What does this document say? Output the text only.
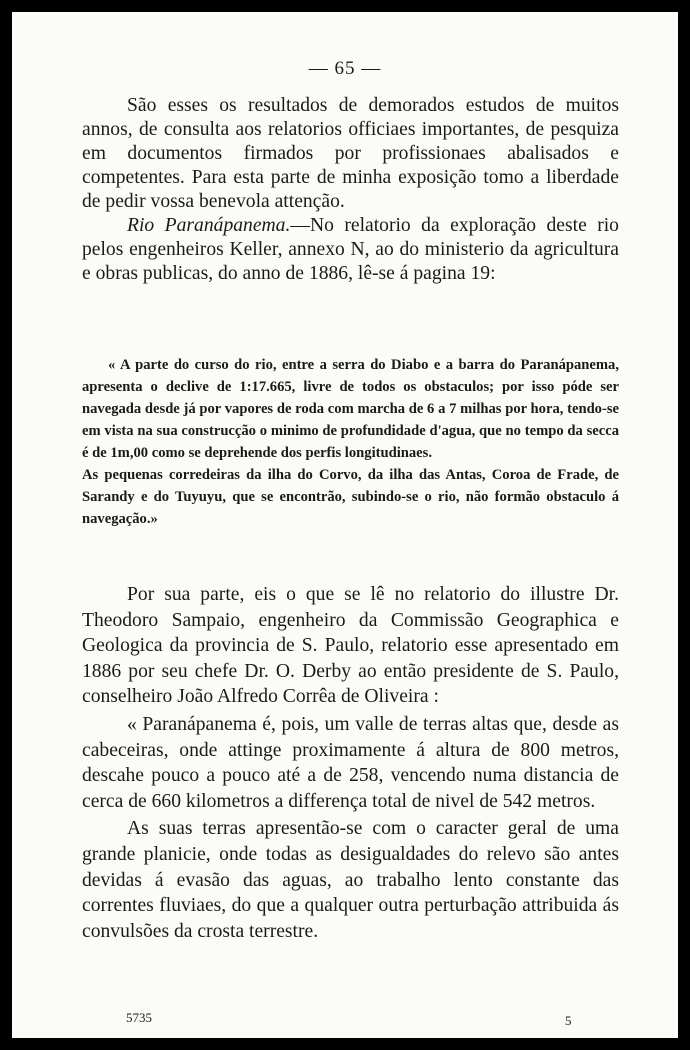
— 65 —

São esses os resultados de demorados estudos de muitos annos, de consulta aos relatorios officiaes importantes, de pesquiza em documentos firmados por profissionaes abalisados e competentes. Para esta parte de minha exposição tomo a liberdade de pedir vossa benevola attenção.

Rio Paranápanema.—No relatorio da exploração deste rio pelos engenheiros Keller, annexo N, ao do ministerio da agricultura e obras publicas, do anno de 1886, lê-se á pagina 19:

« A parte do curso do rio, entre a serra do Diabo e a barra do Paranápanema, apresenta o declive de 1:17.665, livre de todos os obstaculos; por isso póde ser navegada desde já por vapores de roda com marcha de 6 a 7 milhas por hora, tendo-se em vista na sua construcção o minimo de profundidade d'agua, que no tempo da secca é de 1m,00 como se deprehende dos perfis longitudinaes.

As pequenas corredeiras da ilha do Corvo, da ilha das Antas, Coroa de Frade, de Sarandy e do Tuyuyu, que se encontrão, subindo-se o rio, não formão obstaculo á navegação.»

Por sua parte, eis o que se lê no relatorio do illustre Dr. Theodoro Sampaio, engenheiro da Commissão Geographica e Geologica da provincia de S. Paulo, relatorio esse apresentado em 1886 por seu chefe Dr. O. Derby ao então presidente de S. Paulo, conselheiro João Alfredo Corrêa de Oliveira :

« Paranápanema é, pois, um valle de terras altas que, desde as cabeceiras, onde attinge proximamente á altura de 800 metros, descahe pouco a pouco até a de 258, vencendo numa distancia de cerca de 660 kilometros a differença total de nivel de 542 metros.

As suas terras apresentão-se com o caracter geral de uma grande planicie, onde todas as desigualdades do relevo são antes devidas á evasão das aguas, ao trabalho lento constante das correntes fluviaes, do que a qualquer outra perturbação attribuida ás convulsões da crosta terrestre.

5735	5
